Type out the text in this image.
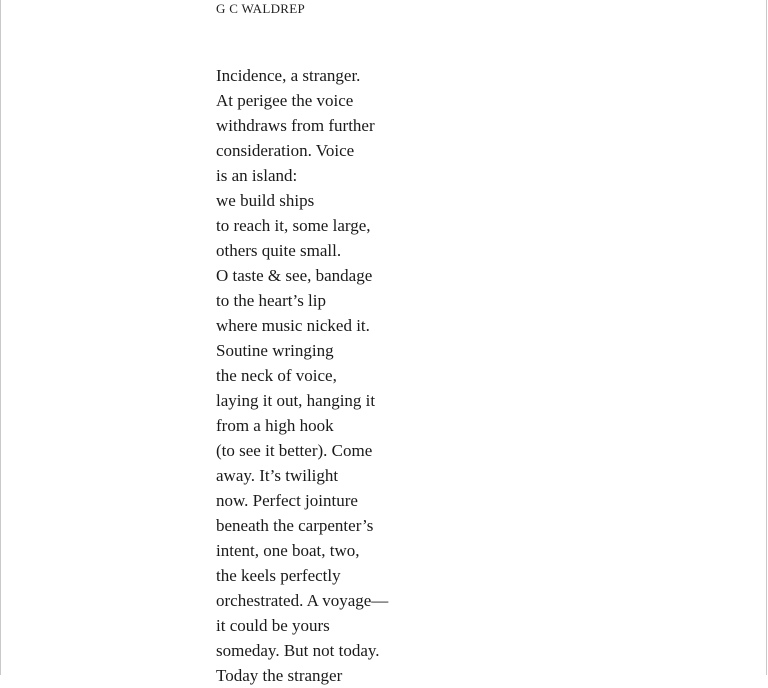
G C WALDREP
Incidence, a stranger.
At perigee the voice
withdraws from further
consideration. Voice
is an island:
we build ships
to reach it, some large,
others quite small.
O taste & see, bandage
to the heart’s lip
where music nicked it.
Soutine wringing
the neck of voice,
laying it out, hanging it
from a high hook
(to see it better). Come
away. It’s twilight
now. Perfect jointure
beneath the carpenter’s
intent, one boat, two,
the keels perfectly
orchestrated. A voyage—
it could be yours
someday. But not today.
Today the stranger
